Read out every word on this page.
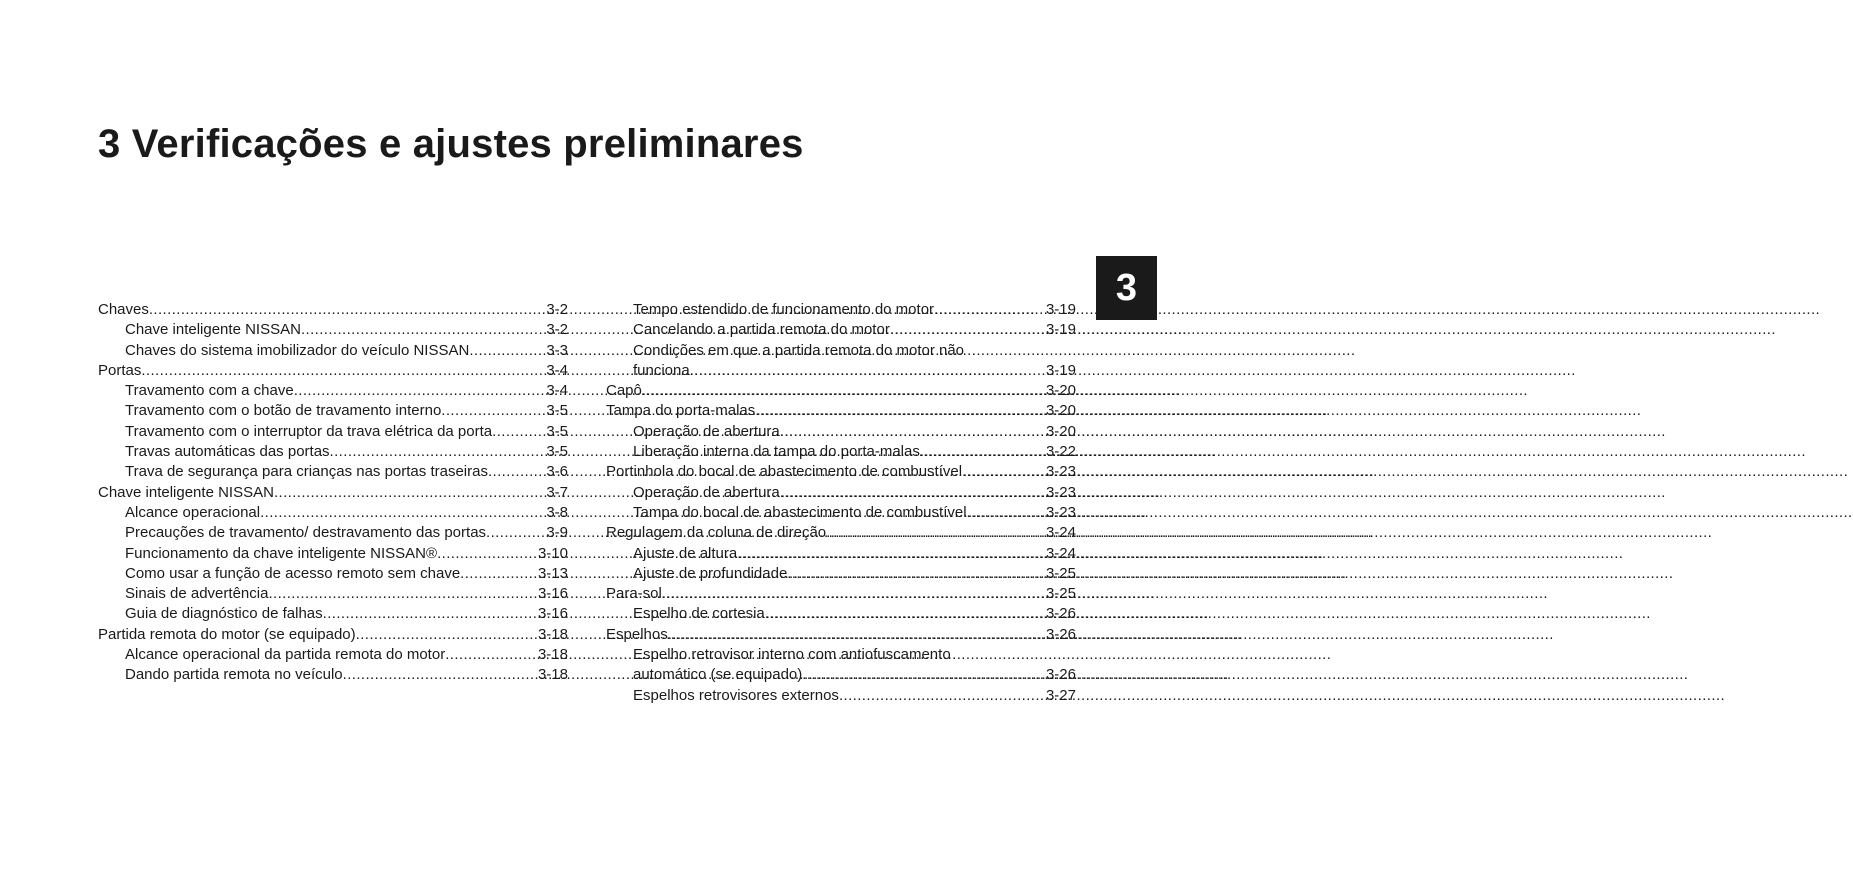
3 Verificações e ajustes preliminares
3
Chaves .....	3-2
Chave inteligente NISSAN .....	3-2
Chaves do sistema imobilizador do veículo NISSAN .....	3-3
Portas .....	3-4
Travamento com a chave .....	3-4
Travamento com o botão de travamento interno .....	3-5
Travamento com o interruptor da trava elétrica da porta .....	3-5
Travas automáticas das portas .....	3-5
Trava de segurança para crianças nas portas traseiras .....	3-6
Chave inteligente NISSAN .....	3-7
Alcance operacional .....	3-8
Precauções de travamento/ destravamento das portas .....	3-9
Funcionamento da chave inteligente NISSAN® .....	3-10
Como usar a função de acesso remoto sem chave .....	3-13
Sinais de advertência .....	3-16
Guia de diagnóstico de falhas .....	3-16
Partida remota do motor (se equipado) .....	3-18
Alcance operacional da partida remota do motor .....	3-18
Dando partida remota no veículo .....	3-18
Tempo estendido de funcionamento do motor .....	3-19
Cancelando a partida remota do motor .....	3-19
Condições em que a partida remota do motor não
funciona .....	3-19
Capô .....	3-20
Tampa do porta-malas .....	3-20
Operação de abertura .....	3-20
Liberação interna da tampa do porta-malas .....	3-22
Portinhola do bocal de abastecimento de combustível .....	3-23
Operação de abertura .....	3-23
Tampa do bocal de abastecimento de combustível .....	3-23
Regulagem da coluna de direção .....	3-24
Ajuste de altura .....	3-24
Ajuste de profundidade .....	3-25
Para-sol .....	3-25
Espelho de cortesia .....	3-26
Espelhos .....	3-26
Espelho retrovisor interno com antiofuscamento
automático (se equipado) .....	3-26
Espelhos retrovisores externos .....	3-27
